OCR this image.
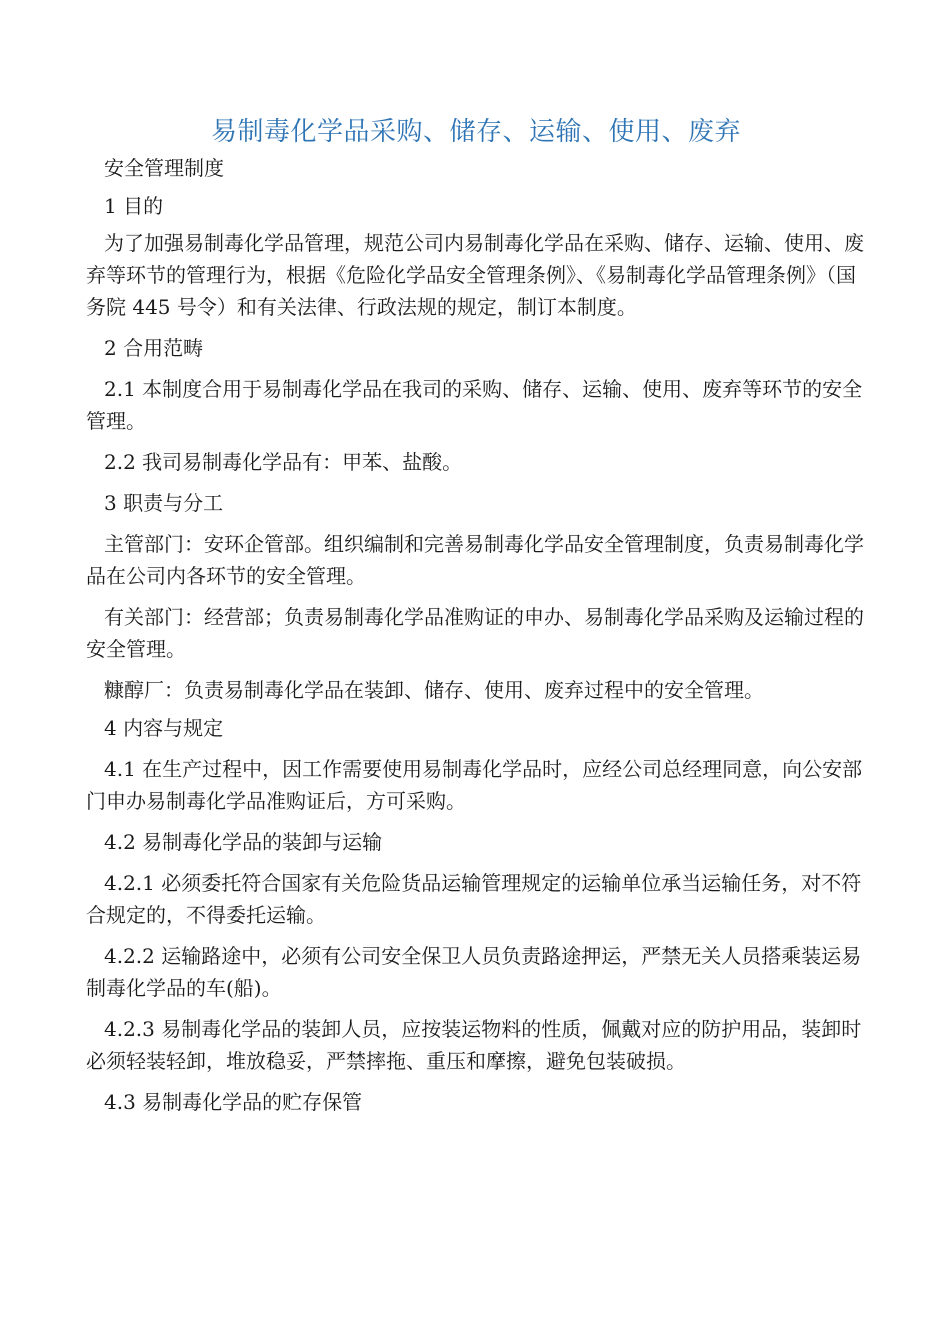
易制毒化学品采购、储存、运输、使用、废弃

安全管理制度

1 目的

为了加强易制毒化学品管理，规范公司内易制毒化学品在采购、储存、运输、使用、废弃等环节的管理行为，根据《危险化学品安全管理条例》、《易制毒化学品管理条例》（国务院 445 号令）和有关法律、行政法规的规定，制订本制度。

2 合用范畴

2.1 本制度合用于易制毒化学品在我司的采购、储存、运输、使用、废弃等环节的安全管理。

2.2 我司易制毒化学品有：甲苯、盐酸。

3 职责与分工

主管部门：安环企管部。组织编制和完善易制毒化学品安全管理制度，负责易制毒化学品在公司内各环节的安全管理。

有关部门：经营部；负责易制毒化学品准购证的申办、易制毒化学品采购及运输过程的安全管理。

糠醇厂：负责易制毒化学品在装卸、储存、使用、废弃过程中的安全管理。

4 内容与规定

4.1 在生产过程中，因工作需要使用易制毒化学品时，应经公司总经理同意，向公安部门申办易制毒化学品准购证后，方可采购。

4.2 易制毒化学品的装卸与运输

4.2.1 必须委托符合国家有关危险货品运输管理规定的运输单位承当运输任务，对不符合规定的，不得委托运输。

4.2.2 运输路途中，必须有公司安全保卫人员负责路途押运，严禁无关人员搭乘装运易制毒化学品的车(船)。

4.2.3 易制毒化学品的装卸人员，应按装运物料的性质，佩戴对应的防护用品，装卸时必须轻装轻卸，堆放稳妥，严禁摔拖、重压和摩擦，避免包装破损。

4.3 易制毒化学品的贮存保管
